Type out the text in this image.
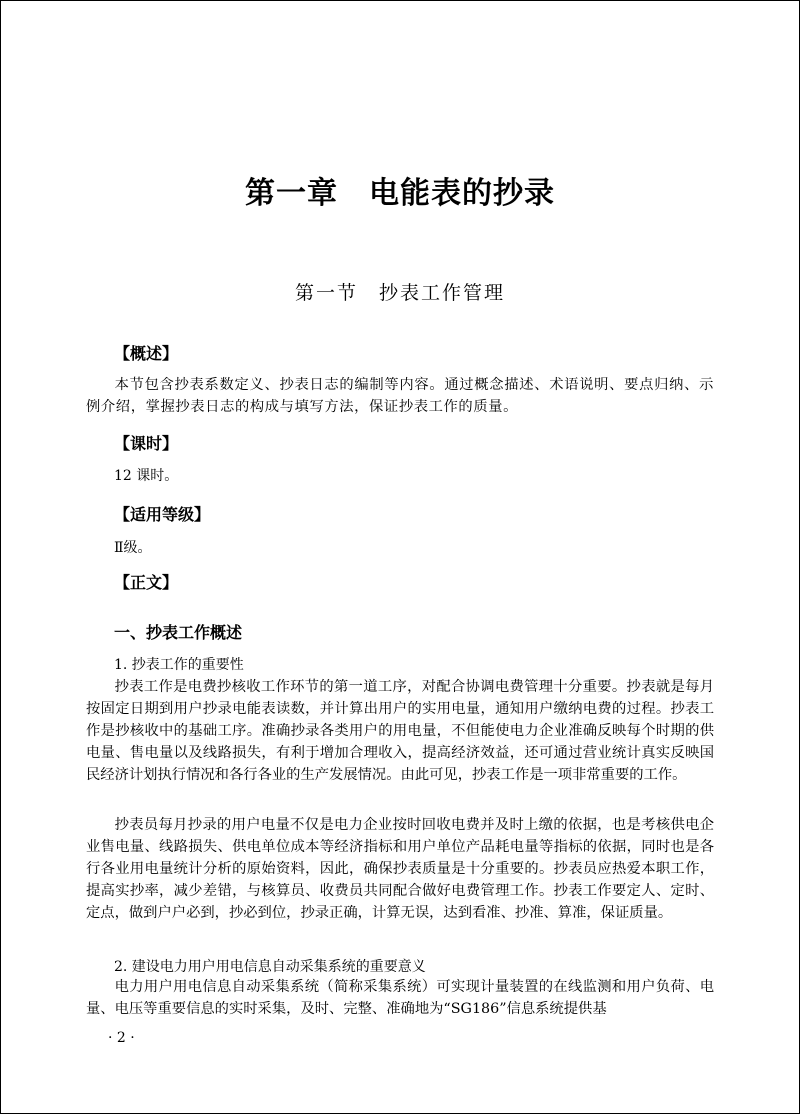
第一章　电能表的抄录
第一节　抄表工作管理
【概述】
本节包含抄表系数定义、抄表日志的编制等内容。通过概念描述、术语说明、要点归纳、示例介绍，掌握抄表日志的构成与填写方法，保证抄表工作的质量。
【课时】
12 课时。
【适用等级】
Ⅱ级。
【正文】
一、抄表工作概述
1. 抄表工作的重要性
抄表工作是电费抄核收工作环节的第一道工序，对配合协调电费管理十分重要。抄表就是每月按固定日期到用户抄录电能表读数，并计算出用户的实用电量，通知用户缴纳电费的过程。抄表工作是抄核收中的基础工序。准确抄录各类用户的用电量，不但能使电力企业准确反映每个时期的供电量、售电量以及线路损失，有利于增加合理收入，提高经济效益，还可通过营业统计真实反映国民经济计划执行情况和各行各业的生产发展情况。由此可见，抄表工作是一项非常重要的工作。
抄表员每月抄录的用户电量不仅是电力企业按时回收电费并及时上缴的依据，也是考核供电企业售电量、线路损失、供电单位成本等经济指标和用户单位产品耗电量等指标的依据，同时也是各行各业用电量统计分析的原始资料，因此，确保抄表质量是十分重要的。抄表员应热爱本职工作，提高实抄率，减少差错，与核算员、收费员共同配合做好电费管理工作。抄表工作要定人、定时、定点，做到户户必到，抄必到位，抄录正确，计算无误，达到看准、抄准、算准，保证质量。
2. 建设电力用户用电信息自动采集系统的重要意义
电力用户用电信息自动采集系统（简称采集系统）可实现计量装置的在线监测和用户负荷、电量、电压等重要信息的实时采集，及时、完整、准确地为“SG186”信息系统提供基
· 2 ·
